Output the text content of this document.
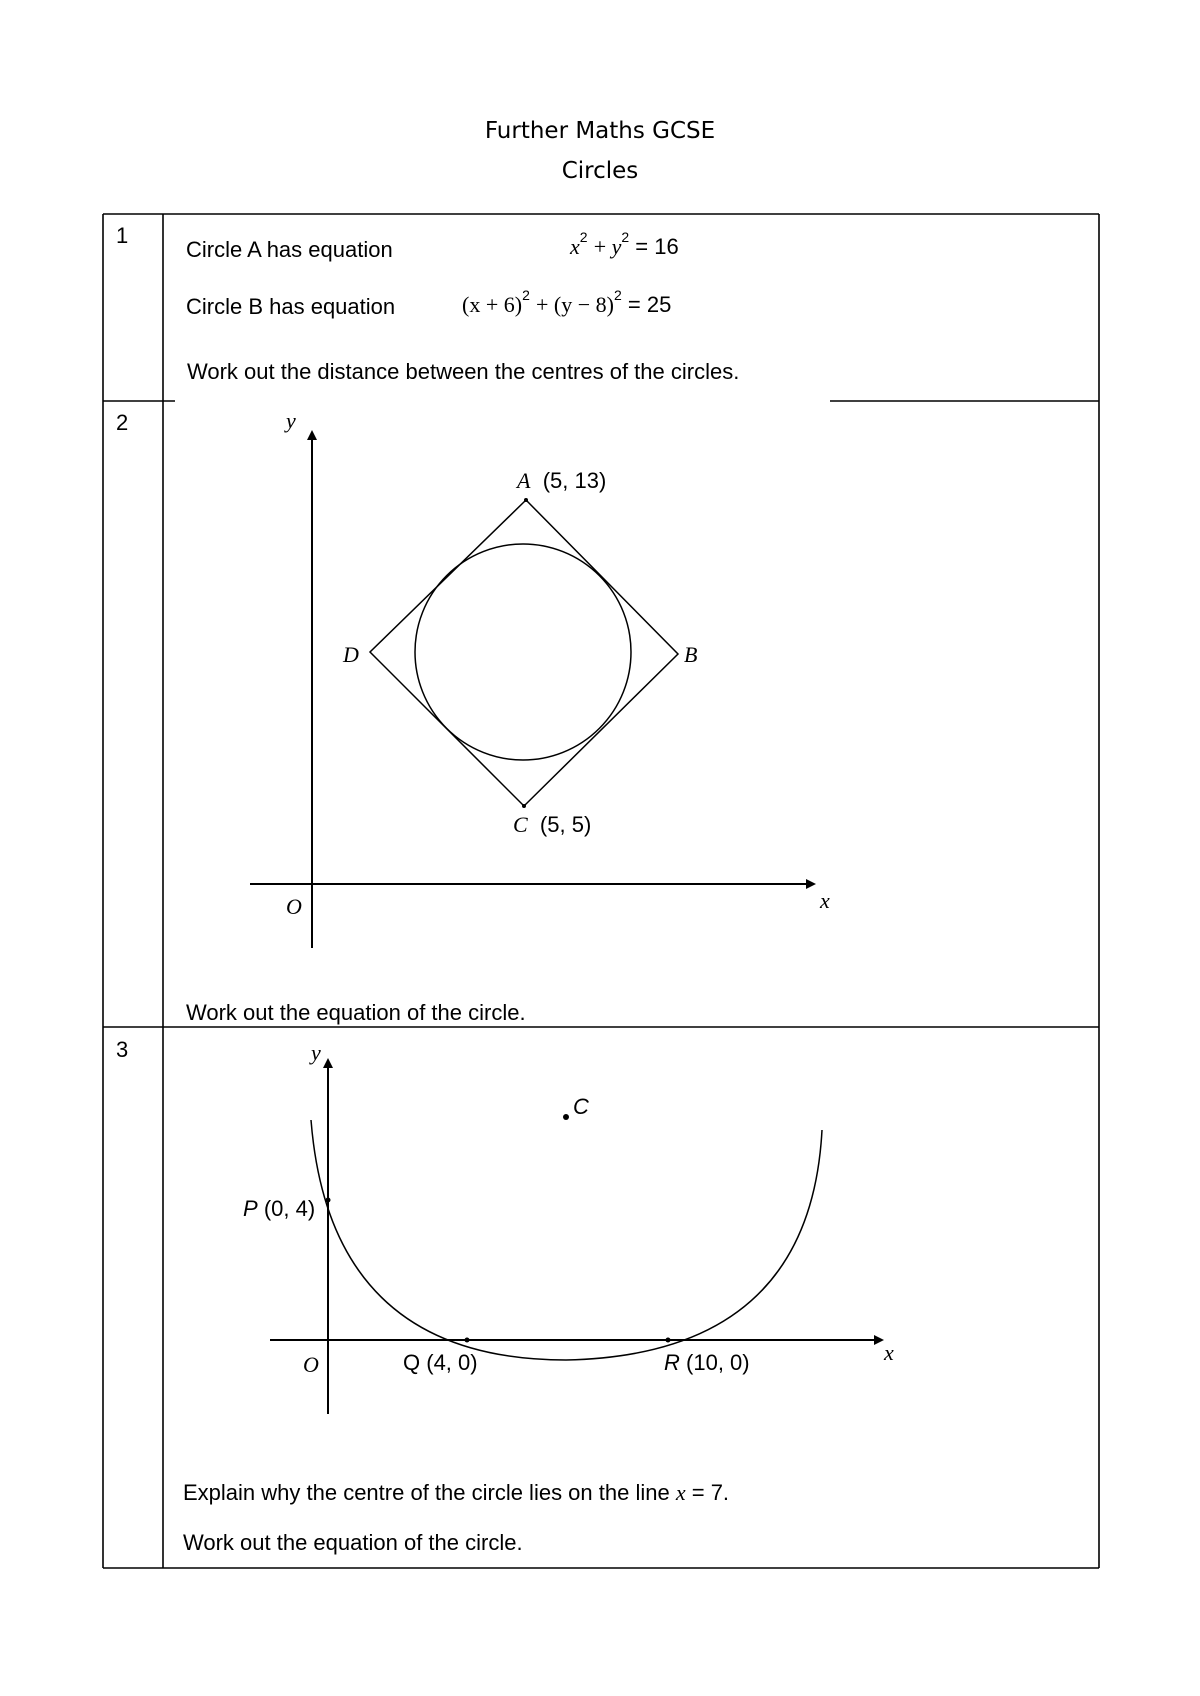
Further Maths GCSE
Circles
1
Circle A has equation	$x^2 + y^2 = 16$
Circle B has equation	$(x + 6)^2 + (y - 8)^2 = 25$
Work out the distance between the centres of the circles.
2	y
x
O
A (5, 13)
B
C (5, 5)
D
Work out the equation of the circle.
3	y
x
O
C
P (0, 4)
Q (4, 0)	R (10, 0)
Explain why the centre of the circle lies on the line x = 7.
Work out the equation of the circle.
